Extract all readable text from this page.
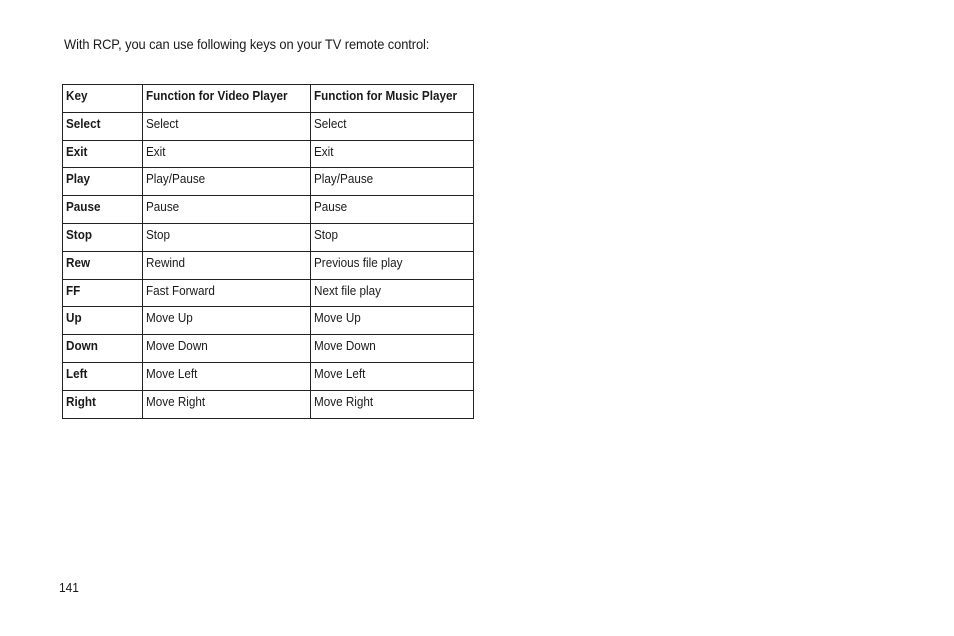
With RCP, you can use following keys on your TV remote control:
Key	Function for Video Player	Function for Music Player
Select	Select	Select
Exit	Exit	Exit
Play	Play/Pause	Play/Pause
Pause	Pause	Pause
Stop	Stop	Stop
Rew	Rewind	Previous file play
FF	Fast Forward	Next file play
Up	Move Up	Move Up
Down	Move Down	Move Down
Left	Move Left	Move Left
Right	Move Right	Move Right
141
